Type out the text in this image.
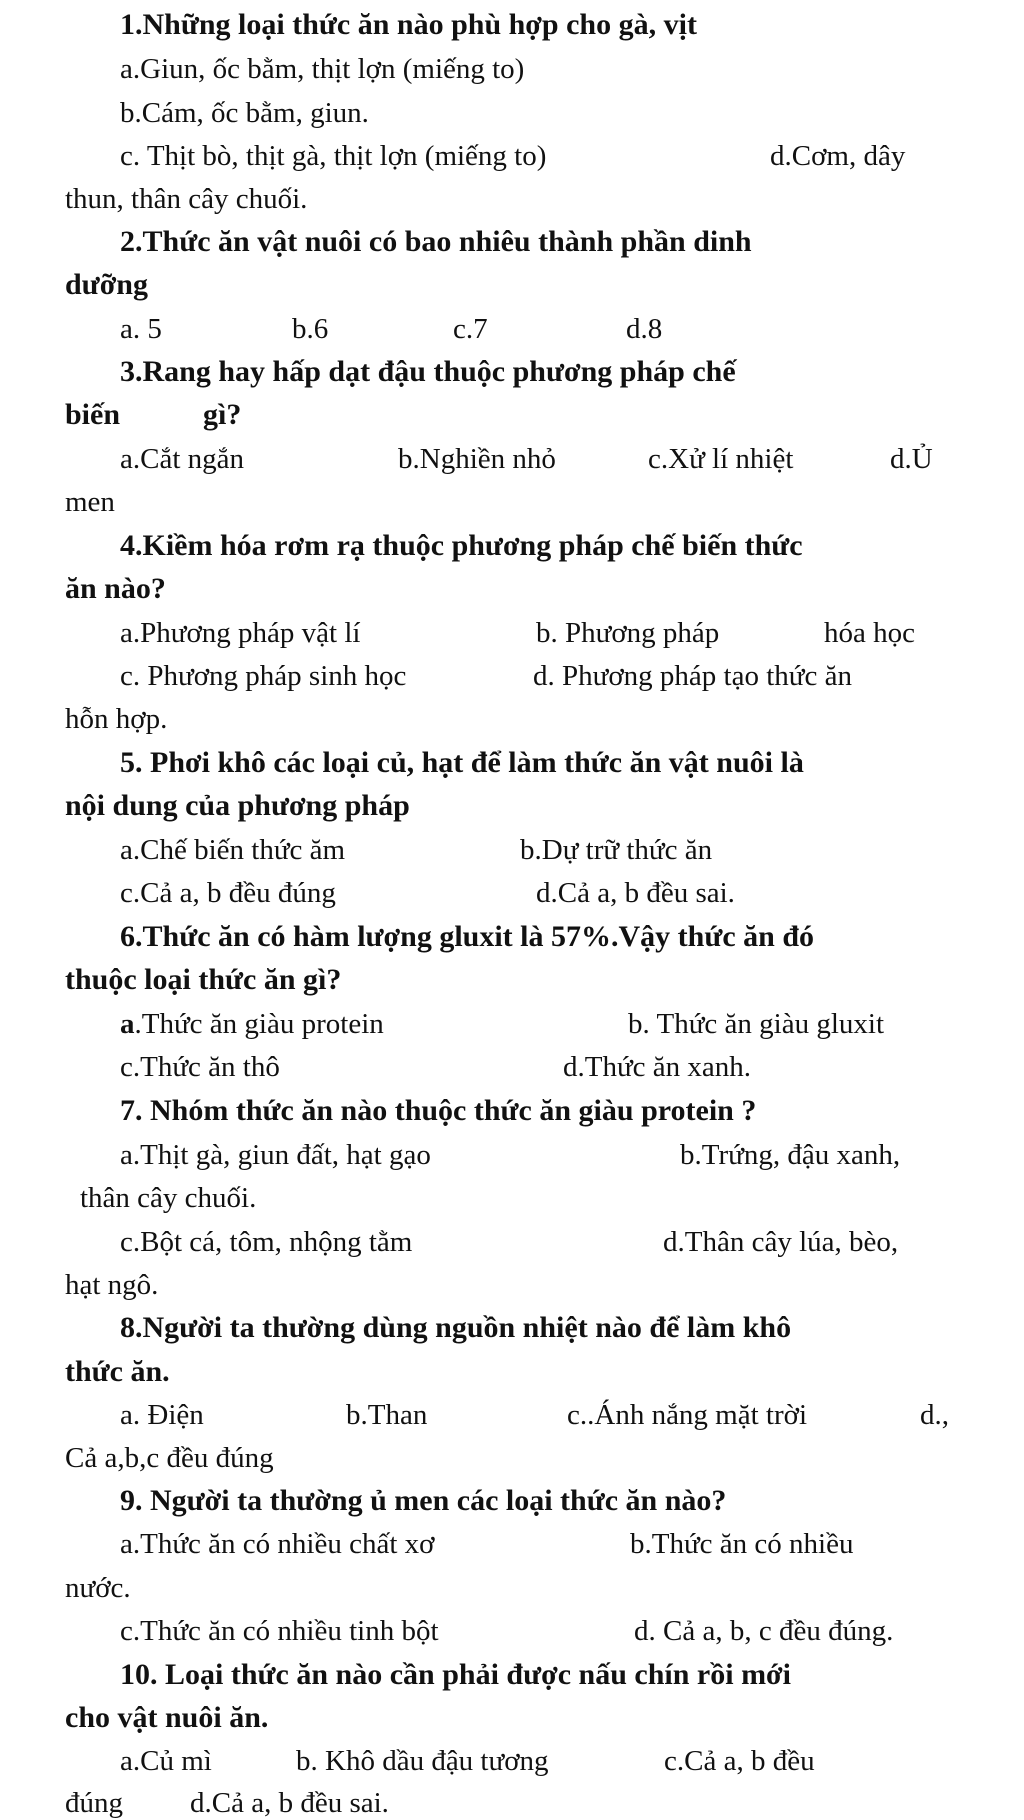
1.Những loại thức ăn nào phù hợp cho gà, vịt
a.Giun, ốc bằm, thịt lợn (miếng to)
b.Cám, ốc bằm, giun.
c. Thịt bò, thịt gà, thịt lợn (miếng to)	d.Cơm, dây
thun, thân cây chuối.
2.Thức ăn vật nuôi có bao nhiêu thành phần dinh
dưỡng
a. 5	b.6	c.7	d.8
3.Rang hay hấp dạt đậu thuộc phương pháp chế
biến	gì?
a.Cắt ngắn	b.Nghiền nhỏ	c.Xử lí nhiệt	d.Ủ
men
4.Kiềm hóa rơm rạ thuộc phương pháp chế biến thức
ăn nào?
a.Phương pháp vật lí	b. Phương pháp	hóa học
c. Phương pháp sinh học	d. Phương pháp tạo thức ăn
hỗn hợp.
5. Phơi khô các loại củ, hạt để làm thức ăn vật nuôi là
nội dung của phương pháp
a.Chế biến thức ăm	b.Dự trữ thức ăn
c.Cả a, b đều đúng	d.Cả a, b đều sai.
6.Thức ăn có hàm lượng gluxit là 57%.Vậy thức ăn đó
thuộc loại thức ăn gì?
a.Thức ăn giàu protein	b. Thức ăn giàu gluxit
c.Thức ăn thô	d.Thức ăn xanh.
7. Nhóm thức ăn nào thuộc thức ăn giàu protein ?
a.Thịt gà, giun đất, hạt gạo	b.Trứng, đậu xanh,
thân cây chuối.
c.Bột cá, tôm, nhộng tằm	d.Thân cây lúa, bèo,
hạt ngô.
8.Người ta thường dùng nguồn nhiệt nào để làm khô
thức ăn.
a. Điện	b.Than	c..Ánh nắng mặt trời	d.,
Cả a,b,c đều đúng
9. Người ta thường ủ men các loại thức ăn nào?
a.Thức ăn có nhiều chất xơ	b.Thức ăn có nhiều
nước.
c.Thức ăn có nhiều tinh bột	d. Cả a, b, c đều đúng.
10. Loại thức ăn nào cần phải được nấu chín rồi mới
cho vật nuôi ăn.
a.Củ mì	b. Khô dầu đậu tương	c.Cả a, b đều
đúng d.Cả a, b đều sai.
